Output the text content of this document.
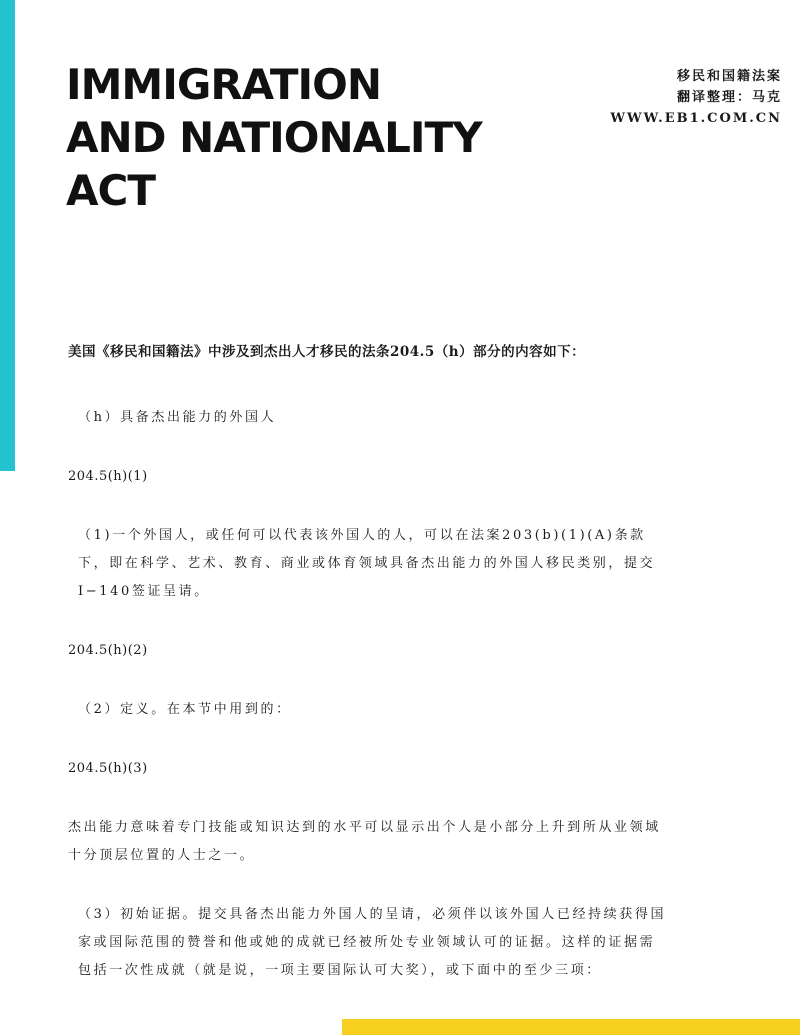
IMMIGRATION
AND NATIONALITY
ACT
移民和国籍法案
翻译整理：马克
WWW.EB1.COM.CN

美国《移民和国籍法》中涉及到杰出人才移民的法条204.5（h）部分的内容如下：

（h）具备杰出能力的外国人

204.5(h)(1)

（1)一个外国人，或任何可以代表该外国人的人，可以在法案203(b)(1)(A)条款下，即在科学、艺术、教育、商业或体育领域具备杰出能力的外国人移民类别，提交I−140签证呈请。

204.5(h)(2)

（2）定义。在本节中用到的：

204.5(h)(3)

杰出能力意味着专门技能或知识达到的水平可以显示出个人是小部分上升到所从业领域十分顶层位置的人士之一。

（3）初始证据。提交具备杰出能力外国人的呈请，必须伴以该外国人已经持续获得国家或国际范围的赞誉和他或她的成就已经被所处专业领域认可的证据。这样的证据需包括一次性成就（就是说，一项主要国际认可大奖），或下面中的至少三项：
